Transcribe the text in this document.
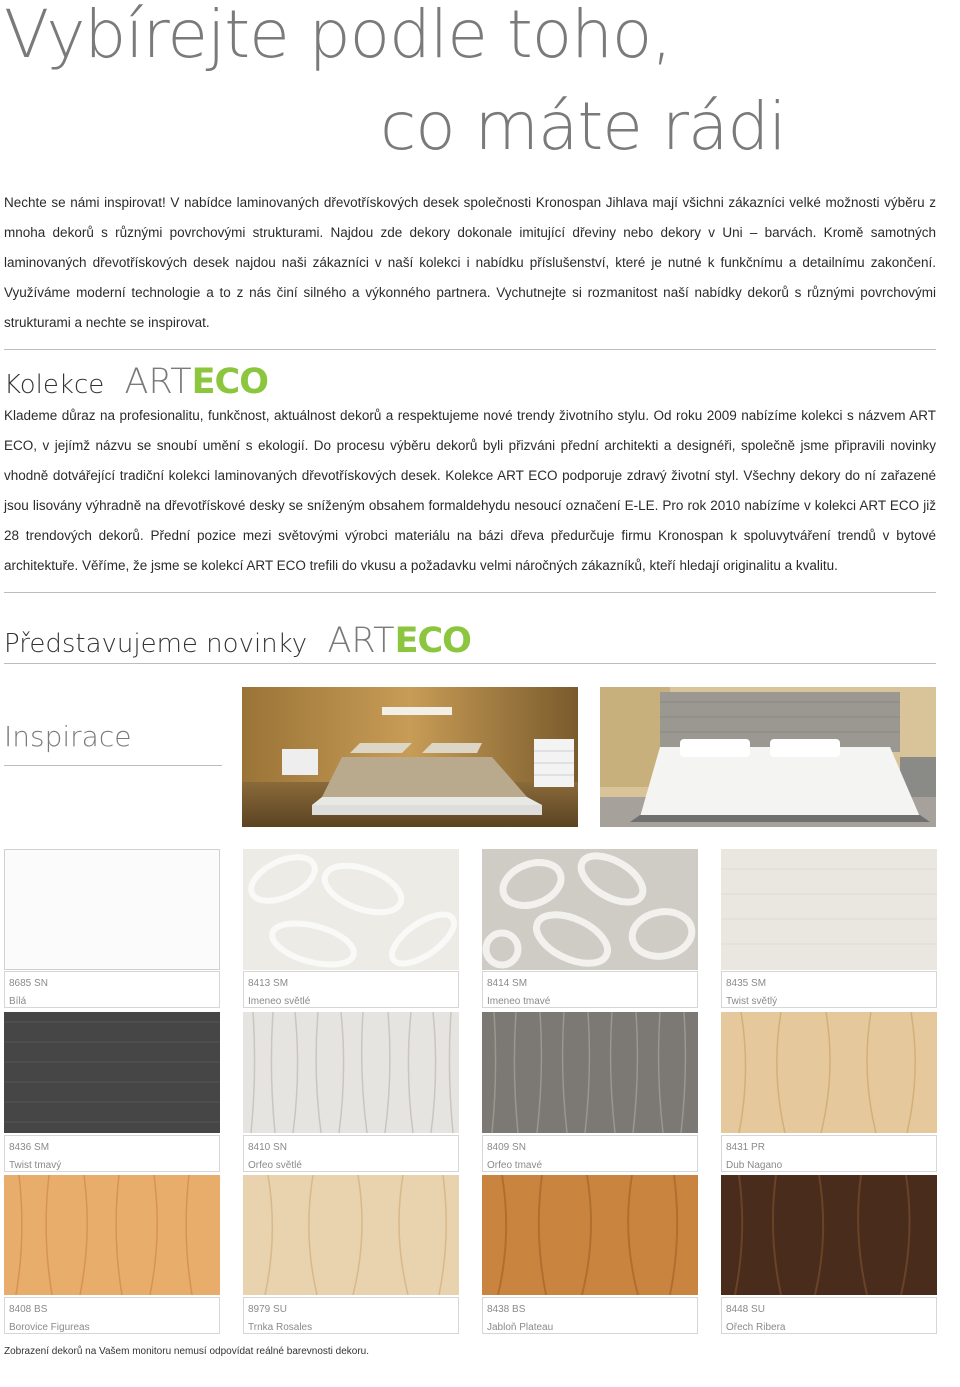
Vybírejte podle toho,
co máte rádi

Nechte se námi inspirovat! V nabídce laminovaných dřevotřískových desek společnosti Kronospan Jihlava mají všichni zákazníci velké možnosti výběru z mnoha dekorů s různými povrchovými strukturami. Najdou zde dekory dokonale imitující dřeviny nebo dekory v Uni – barvách. Kromě samotných laminovaných dřevotřískových desek najdou naši zákazníci v naší kolekci i nabídku příslušenství, které je nutné k funkčnímu a detailnímu zakončení. Využíváme moderní technologie a to z nás činí silného a výkonného partnera. Vychutnejte si rozmanitost naší nabídky dekorů s různými povrchovými strukturami a nechte se inspirovat.

Kolekce ARTECO

Klademe důraz na profesionalitu, funkčnost, aktuálnost dekorů a respektujeme nové trendy životního stylu. Od roku 2009 nabízíme kolekci s názvem ART ECO, v jejímž názvu se snoubí umění s ekologií. Do procesu výběru dekorů byli přizváni přední architekti a designéři, společně jsme připravili novinky vhodně dotvářející tradiční kolekci laminovaných dřevotřískových desek. Kolekce ART ECO podporuje zdravý životní styl. Všechny dekory do ní zařazené jsou lisovány výhradně na dřevotřískové desky se sníženým obsahem formaldehydu nesoucí označení E-LE. Pro rok 2010 nabízíme v kolekci ART ECO již 28 trendových dekorů. Přední pozice mezi světovými výrobci materiálu na bázi dřeva předurčuje firmu Kronospan k spoluvytváření trendů v bytové architektuře. Věříme, že jsme se kolekcí ART ECO trefili do vkusu a požadavku velmi náročných zákazníků, kteří hledají originalitu a kvalitu.

Představujeme novinky ARTECO
Inspirace
8685 SN
Bílá
8413 SM
Imeneo světlé
8414 SM
Imeneo tmavé
8435 SM
Twist světlý
8436 SM
Twist tmavý
8410 SN
Orfeo světlé
8409 SN
Orfeo tmavé
8431 PR
Dub Nagano
8408 BS
Borovice Figureas
8979 SU
Trnka Rosales
8438 BS
Jabloň Plateau
8448 SU
Ořech Ribera
Zobrazení dekorů na Vašem monitoru nemusí odpovídat reálné barevnosti dekoru.
